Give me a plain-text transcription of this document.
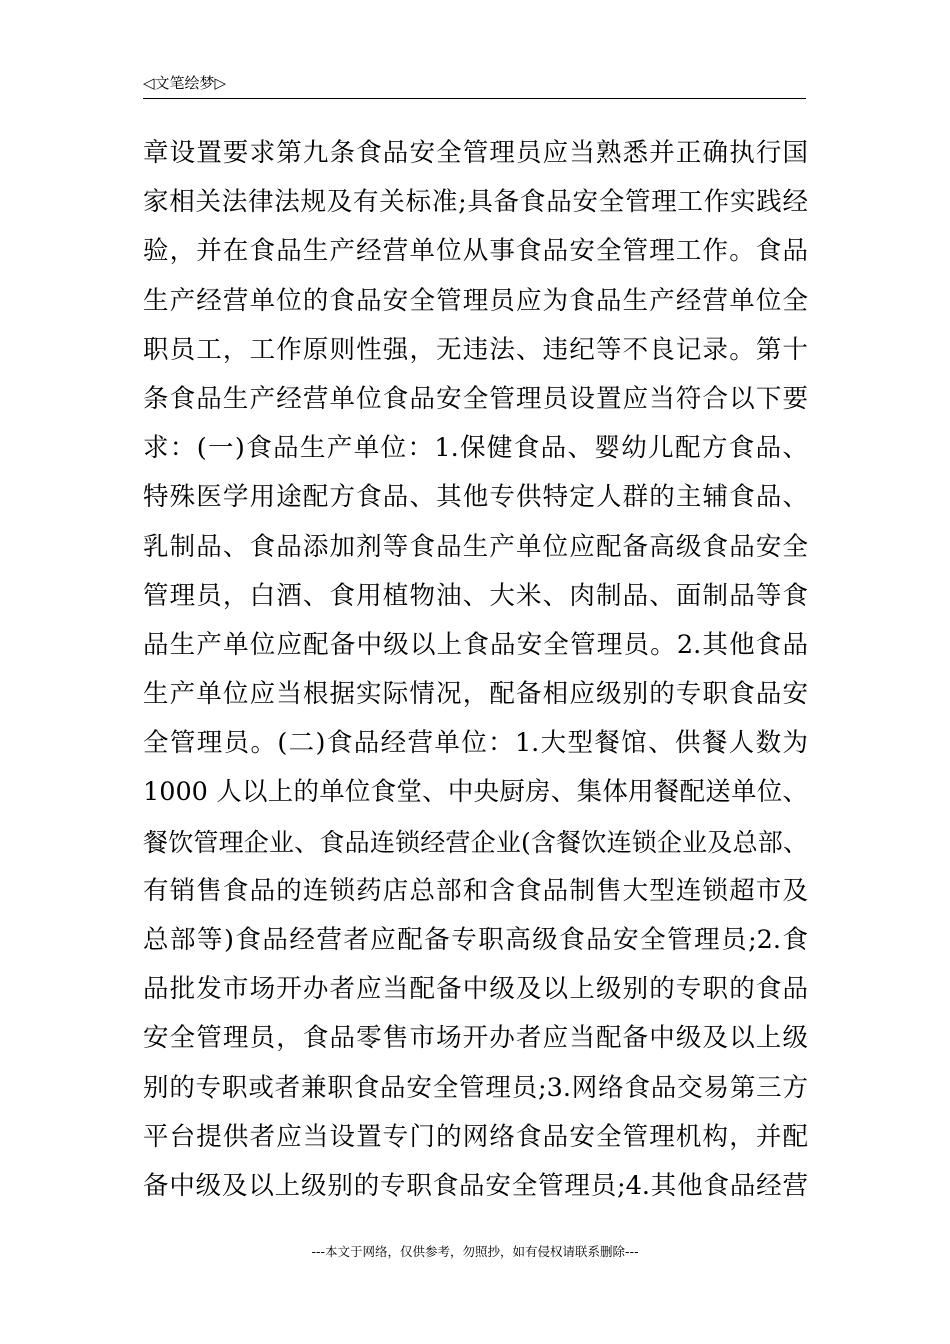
◁文笔绘梦▷
章设置要求第九条食品安全管理员应当熟悉并正确执行国
家相关法律法规及有关标准;具备食品安全管理工作实践经
验，并在食品生产经营单位从事食品安全管理工作。食品
生产经营单位的食品安全管理员应为食品生产经营单位全
职员工，工作原则性强，无违法、违纪等不良记录。第十
条食品生产经营单位食品安全管理员设置应当符合以下要
求：(一)食品生产单位：1.保健食品、婴幼儿配方食品、
特殊医学用途配方食品、其他专供特定人群的主辅食品、
乳制品、食品添加剂等食品生产单位应配备高级食品安全
管理员，白酒、食用植物油、大米、肉制品、面制品等食
品生产单位应配备中级以上食品安全管理员。2.其他食品
生产单位应当根据实际情况，配备相应级别的专职食品安
全管理员。(二)食品经营单位：1.大型餐馆、供餐人数为
1000 人以上的单位食堂、中央厨房、集体用餐配送单位、
餐饮管理企业、食品连锁经营企业(含餐饮连锁企业及总部、
有销售食品的连锁药店总部和含食品制售大型连锁超市及
总部等)食品经营者应配备专职高级食品安全管理员;2.食
品批发市场开办者应当配备中级及以上级别的专职的食品
安全管理员，食品零售市场开办者应当配备中级及以上级
别的专职或者兼职食品安全管理员;3.网络食品交易第三方
平台提供者应当设置专门的网络食品安全管理机构，并配
备中级及以上级别的专职食品安全管理员;4.其他食品经营
---本文于网络，仅供参考，勿照抄，如有侵权请联系删除---
